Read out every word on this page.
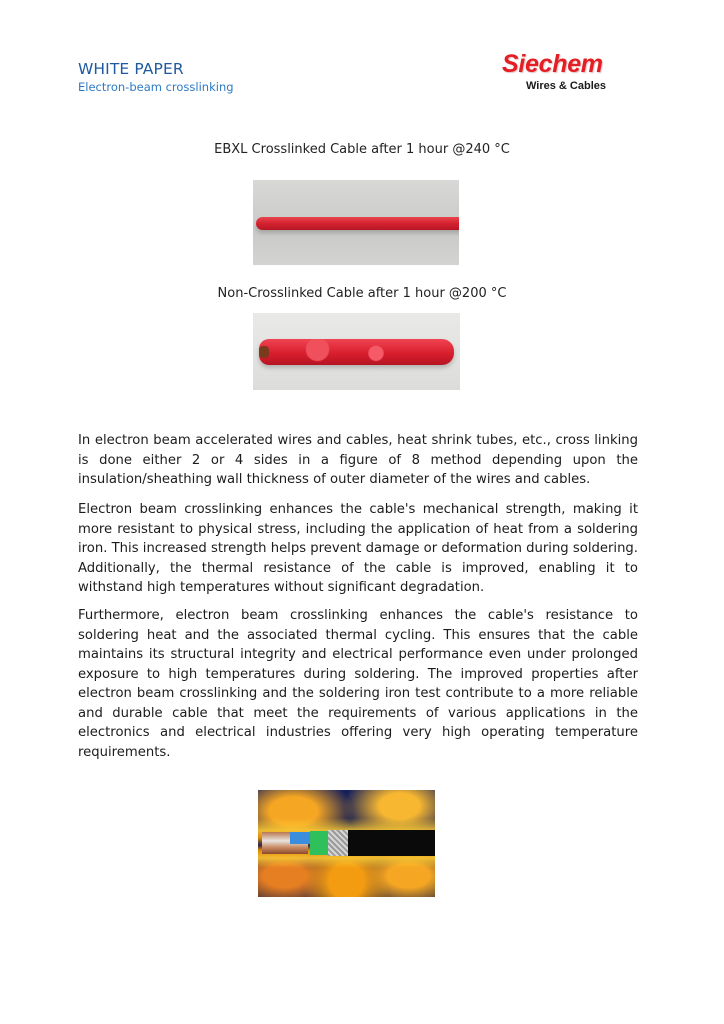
WHITE PAPER
Electron-beam crosslinking
Siechem
Wires & Cables
EBXL Crosslinked Cable after 1 hour @240 °C
Non-Crosslinked Cable after 1 hour @200 °C

In electron beam accelerated wires and cables, heat shrink tubes, etc., cross linking is done either 2 or 4 sides in a figure of 8 method depending upon the insulation/sheathing wall thickness of outer diameter of the wires and cables.

Electron beam crosslinking enhances the cable's mechanical strength, making it more resistant to physical stress, including the application of heat from a soldering iron. This increased strength helps prevent damage or deformation during soldering. Additionally, the thermal resistance of the cable is improved, enabling it to withstand high temperatures without significant degradation.

Furthermore, electron beam crosslinking enhances the cable's resistance to soldering heat and the associated thermal cycling. This ensures that the cable maintains its structural integrity and electrical performance even under prolonged exposure to high temperatures during soldering. The improved properties after electron beam crosslinking and the soldering iron test contribute to a more reliable and durable cable that meet the requirements of various applications in the electronics and electrical industries offering very high operating temperature requirements.
